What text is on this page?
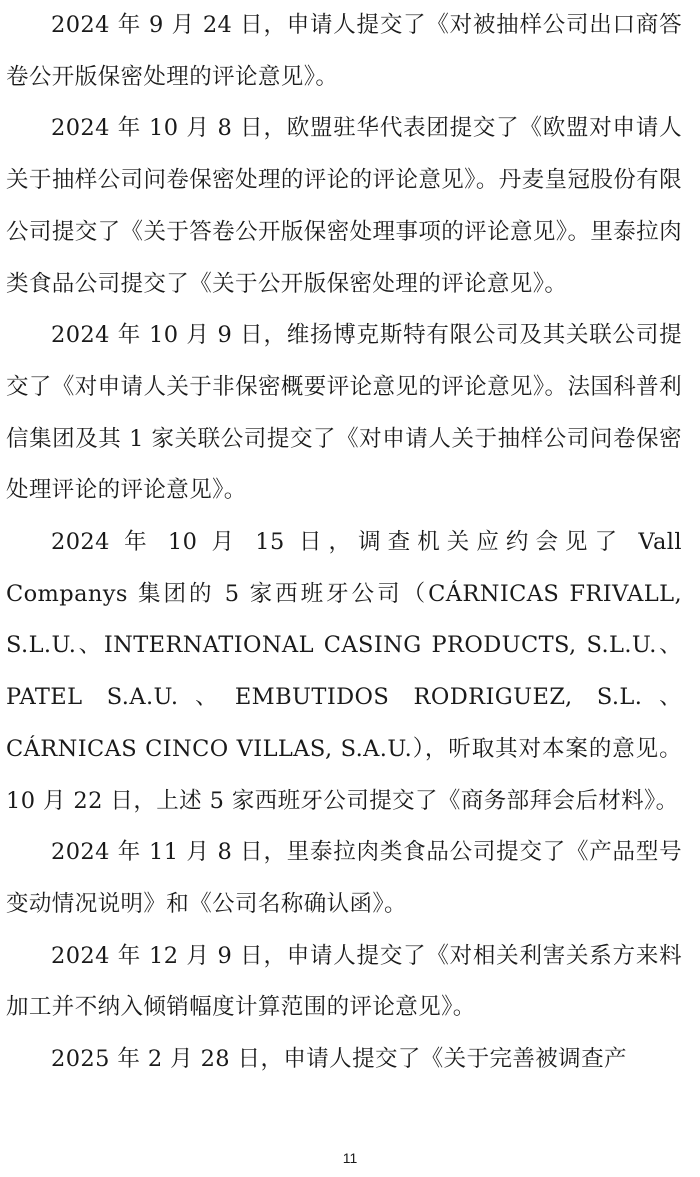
2024 年 9 月 24 日，申请人提交了《对被抽样公司出口商答卷公开版保密处理的评论意见》。

2024 年 10 月 8 日，欧盟驻华代表团提交了《欧盟对申请人关于抽样公司问卷保密处理的评论的评论意见》。丹麦皇冠股份有限公司提交了《关于答卷公开版保密处理事项的评论意见》。里泰拉肉类食品公司提交了《关于公开版保密处理的评论意见》。

2024 年 10 月 9 日，维扬博克斯特有限公司及其关联公司提交了《对申请人关于非保密概要评论意见的评论意见》。法国科普利信集团及其 1 家关联公司提交了《对申请人关于抽样公司问卷保密处理评论的评论意见》。

2024 年 10 月 15 日，调查机关应约会见了 Vall Companys 集团的 5 家西班牙公司（CÁRNICAS FRIVALL, S.L.U.、INTERNATIONAL CASING PRODUCTS, S.L.U.、PATEL S.A.U.、EMBUTIDOS RODRIGUEZ, S.L.、CÁRNICAS CINCO VILLAS, S.A.U.），听取其对本案的意见。10 月 22 日，上述 5 家西班牙公司提交了《商务部拜会后材料》。

2024 年 11 月 8 日，里泰拉肉类食品公司提交了《产品型号变动情况说明》和《公司名称确认函》。

2024 年 12 月 9 日，申请人提交了《对相关利害关系方来料加工并不纳入倾销幅度计算范围的评论意见》。

2025 年 2 月 28 日，申请人提交了《关于完善被调查产

11
